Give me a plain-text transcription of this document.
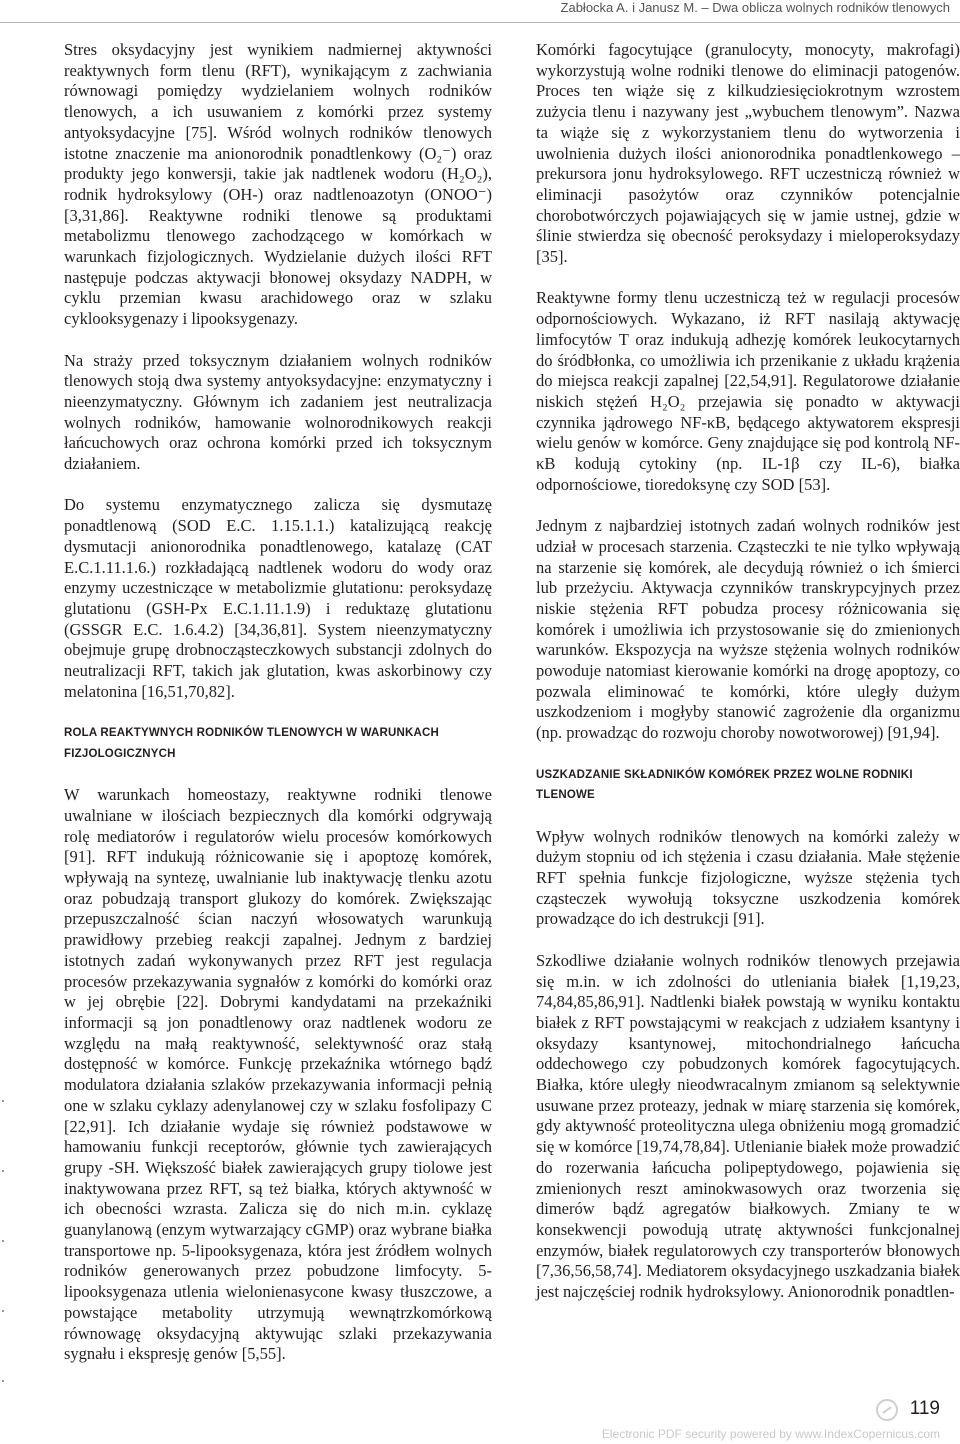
Zabłocka A. i Janusz M. – Dwa oblicza wolnych rodników tlenowych

Stres oksydacyjny jest wynikiem nadmiernej aktywności reaktywnych form tlenu (RFT), wynikającym z zachwiania równowagi pomiędzy wydzielaniem wolnych rodników tlenowych, a ich usuwaniem z komórki przez systemy antyoksydacyjne [75]. Wśród wolnych rodników tlenowych istotne znaczenie ma anionorodnik ponadtlenkowy (O₂⁻) oraz produkty jego konwersji, takie jak nadtlenek wodoru (H₂O₂), rodnik hydroksylowy (OH-) oraz nadtlenoazotyn (ONOO⁻) [3,31,86]. Reaktywne rodniki tlenowe są produktami metabolizmu tlenowego zachodzącego w komórkach w warunkach fizjologicznych. Wydzielanie dużych ilości RFT następuje podczas aktywacji błonowej oksydazy NADPH, w cyklu przemian kwasu arachidowego oraz w szlaku cyklooksygenazy i lipooksygenazy.

Na straży przed toksycznym działaniem wolnych rodników tlenowych stoją dwa systemy antyoksydacyjne: enzymatyczny i nieenzymatyczny. Głównym ich zadaniem jest neutralizacja wolnych rodników, hamowanie wolnorodnikowych reakcji łańcuchowych oraz ochrona komórki przed ich toksycznym działaniem.

Do systemu enzymatycznego zalicza się dysmutazę ponadtlenową (SOD E.C. 1.15.1.1.) katalizującą reakcję dysmutacji anionorodnika ponadtlenowego, katalazę (CAT E.C.1.11.1.6.) rozkładającą nadtlenek wodoru do wody oraz enzymy uczestniczące w metabolizmie glutationu: peroksydazę glutationu (GSH-Px E.C.1.11.1.9) i reduktazę glutationu (GSSGR E.C. 1.6.4.2) [34,36,81]. System nieenzymatyczny obejmuje grupę drobnocząsteczkowych substancji zdolnych do neutralizacji RFT, takich jak glutation, kwas askorbinowy czy melatonina [16,51,70,82].

ROLA REAKTYWNYCH RODNIKÓW TLENOWYCH W WARUNKACH FIZJOLOGICZNYCH

W warunkach homeostazy, reaktywne rodniki tlenowe uwalniane w ilościach bezpiecznych dla komórki odgrywają rolę mediatorów i regulatorów wielu procesów komórkowych [91]. RFT indukują różnicowanie się i apoptozę komórek, wpływają na syntezę, uwalnianie lub inaktywację tlenku azotu oraz pobudzają transport glukozy do komórek. Zwiększając przepuszczalność ścian naczyń włosowatych warunkują prawidłowy przebieg reakcji zapalnej. Jednym z bardziej istotnych zadań wykonywanych przez RFT jest regulacja procesów przekazywania sygnałów z komórki do komórki oraz w jej obrębie [22]. Dobrymi kandydatami na przekaźniki informacji są jon ponadtlenowy oraz nadtlenek wodoru ze względu na małą reaktywność, selektywność oraz stałą dostępność w komórce. Funkcję przekaźnika wtórnego bądź modulatora działania szlaków przekazywania informacji pełnią one w szlaku cyklazy adenylanowej czy w szlaku fosfolipazy C [22,91]. Ich działanie wydaje się również podstawowe w hamowaniu funkcji receptorów, głównie tych zawierających grupy -SH. Większość białek zawierających grupy tiolowe jest inaktywowana przez RFT, są też białka, których aktywność w ich obecności wzrasta. Zalicza się do nich m.in. cyklazę guanylanową (enzym wytwarzający cGMP) oraz wybrane białka transportowe np. 5-lipooksygenaza, która jest źródłem wolnych rodników generowanych przez pobudzone limfocyty. 5-lipooksygenaza utlenia wielonienasycone kwasy tłuszczowe, a powstające metabolity utrzymują wewnątrzkomórkową równowagę oksydacyjną aktywując szlaki przekazywania sygnału i ekspresję genów [5,55].

Komórki fagocytujące (granulocyty, monocyty, makrofagi) wykorzystują wolne rodniki tlenowe do eliminacji patogenów. Proces ten wiąże się z kilkudziesięciokrotnym wzrostem zużycia tlenu i nazywany jest „wybuchem tlenowym”. Nazwa ta wiąże się z wykorzystaniem tlenu do wytworzenia i uwolnienia dużych ilości anionorodnika ponadtlenkowego – prekursora jonu hydroksylowego. RFT uczestniczą również w eliminacji pasożytów oraz czynników potencjalnie chorobotwórczych pojawiających się w jamie ustnej, gdzie w ślinie stwierdza się obecność peroksydazy i mieloperoksydazy [35].

Reaktywne formy tlenu uczestniczą też w regulacji procesów odpornościowych. Wykazano, iż RFT nasilają aktywację limfocytów T oraz indukują adhezję komórek leukocytarnych do śródbłonka, co umożliwia ich przenikanie z układu krążenia do miejsca reakcji zapalnej [22,54,91]. Regulatorowe działanie niskich stężeń H₂O₂ przejawia się ponadto w aktywacji czynnika jądrowego NF-κB, będącego aktywatorem ekspresji wielu genów w komórce. Geny znajdujące się pod kontrolą NF-κB kodują cytokiny (np. IL-1β czy IL-6), białka odpornościowe, tioredoksynę czy SOD [53].

Jednym z najbardziej istotnych zadań wolnych rodników jest udział w procesach starzenia. Cząsteczki te nie tylko wpływają na starzenie się komórek, ale decydują również o ich śmierci lub przeżyciu. Aktywacja czynników transkrypcyjnych przez niskie stężenia RFT pobudza procesy różnicowania się komórek i umożliwia ich przystosowanie się do zmienionych warunków. Ekspozycja na wyższe stężenia wolnych rodników powoduje natomiast kierowanie komórki na drogę apoptozy, co pozwala eliminować te komórki, które uległy dużym uszkodzeniom i mogłyby stanowić zagrożenie dla organizmu (np. prowadząc do rozwoju choroby nowotworowej) [91,94].

USZKADZANIE SKŁADNIKÓW KOMÓREK PRZEZ WOLNE RODNIKI TLENOWE

Wpływ wolnych rodników tlenowych na komórki zależy w dużym stopniu od ich stężenia i czasu działania. Małe stężenie RFT spełnia funkcje fizjologiczne, wyższe stężenia tych cząsteczek wywołują toksyczne uszkodzenia komórek prowadzące do ich destrukcji [91].

Szkodliwe działanie wolnych rodników tlenowych przejawia się m.in. w ich zdolności do utleniania białek [1,19,23, 74,84,85,86,91]. Nadtlenki białek powstają w wyniku kontaktu białek z RFT powstającymi w reakcjach z udziałem ksantyny i oksydazy ksantynowej, mitochondrialnego łańcucha oddechowego czy pobudzonych komórek fagocytujących. Białka, które uległy nieodwracalnym zmianom są selektywnie usuwane przez proteazy, jednak w miarę starzenia się komórek, gdy aktywność proteolityczna ulega obniżeniu mogą gromadzić się w komórce [19,74,78,84]. Utlenianie białek może prowadzić do rozerwania łańcucha polipeptydowego, pojawienia się zmienionych reszt aminokwasowych oraz tworzenia się dimerów bądź agregatów białkowych. Zmiany te w konsekwencji powodują utratę aktywności funkcjonalnej enzymów, białek regulatorowych czy transporterów błonowych [7,36,56,58,74]. Mediatorem oksydacyjnego uszkadzania białek jest najczęściej rodnik hydroksylowy. Anionorodnik ponadtlen-

119
Electronic PDF security powered by www.IndexCopernicus.com
